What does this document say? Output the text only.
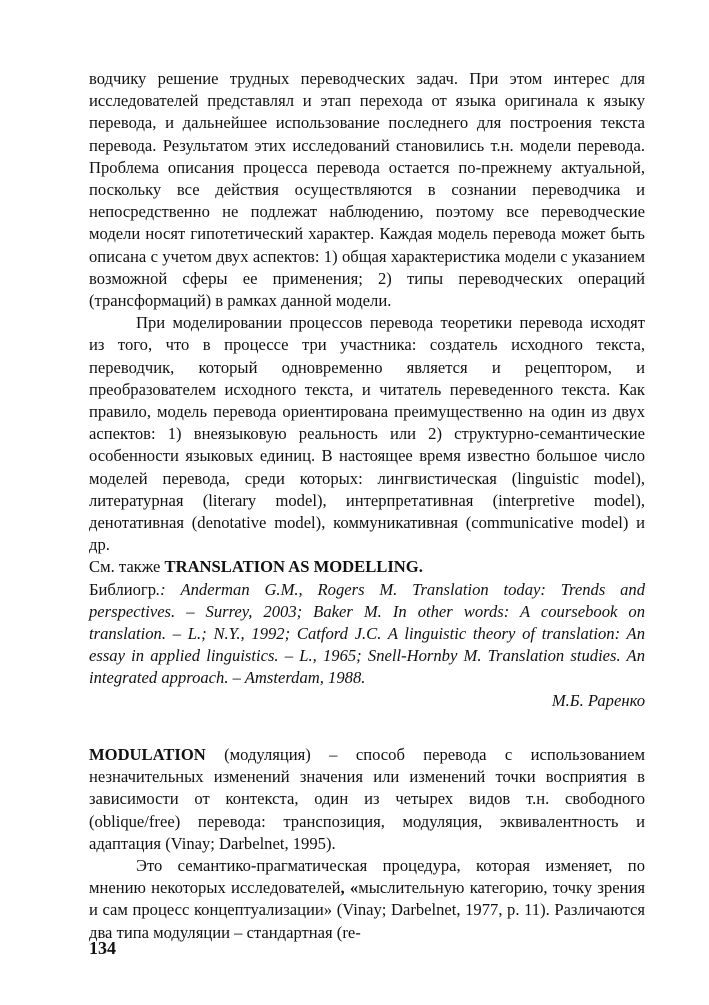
водчику решение трудных переводческих задач. При этом интерес для исследователей представлял и этап перехода от языка оригинала к языку перевода, и дальнейшее использование последнего для построения текста перевода. Результатом этих исследований становились т.н. модели перевода. Проблема описания процесса перевода остается по-прежнему актуальной, поскольку все действия осуществляются в сознании переводчика и непосредственно не подлежат наблюдению, поэтому все переводческие модели носят гипотетический характер. Каждая модель перевода может быть описана с учетом двух аспектов: 1) общая характеристика модели с указанием возможной сферы ее применения; 2) типы переводческих операций (трансформаций) в рамках данной модели.

При моделировании процессов перевода теоретики перевода исходят из того, что в процессе три участника: создатель исходного текста, переводчик, который одновременно является и рецептором, и преобразователем исходного текста, и читатель переведенного текста. Как правило, модель перевода ориентирована преимущественно на один из двух аспектов: 1) внеязыковую реальность или 2) структурно-семантические особенности языковых единиц. В настоящее время известно большое число моделей перевода, среди которых: лингвистическая (linguistic model), литературная (literary model), интерпретативная (interpretive model), денотативная (denotative model), коммуникативная (communicative model) и др.

См. также TRANSLATION AS MODELLING.

Библиогр.: Anderman G.M., Rogers M. Translation today: Trends and perspectives. – Surrey, 2003; Baker M. In other words: A coursebook on translation. – L.; N.Y., 1992; Catford J.C. A linguistic theory of translation: An essay in applied linguistics. – L., 1965; Snell-Hornby M. Translation studies. An integrated approach. – Amsterdam, 1988.

М.Б. Раренко

MODULATION (модуляция) – способ перевода с использованием незначительных изменений значения или изменений точки восприятия в зависимости от контекста, один из четырех видов т.н. свободного (oblique/free) перевода: транспозиция, модуляция, эквивалентность и адаптация (Vinay; Darbelnet, 1995).

Это семантико-прагматическая процедура, которая изменяет, по мнению некоторых исследователей, «мыслительную категорию, точку зрения и сам процесс концептуализации» (Vinay; Darbelnet, 1977, p. 11). Различаются два типа модуляции – стандартная (re-

134
